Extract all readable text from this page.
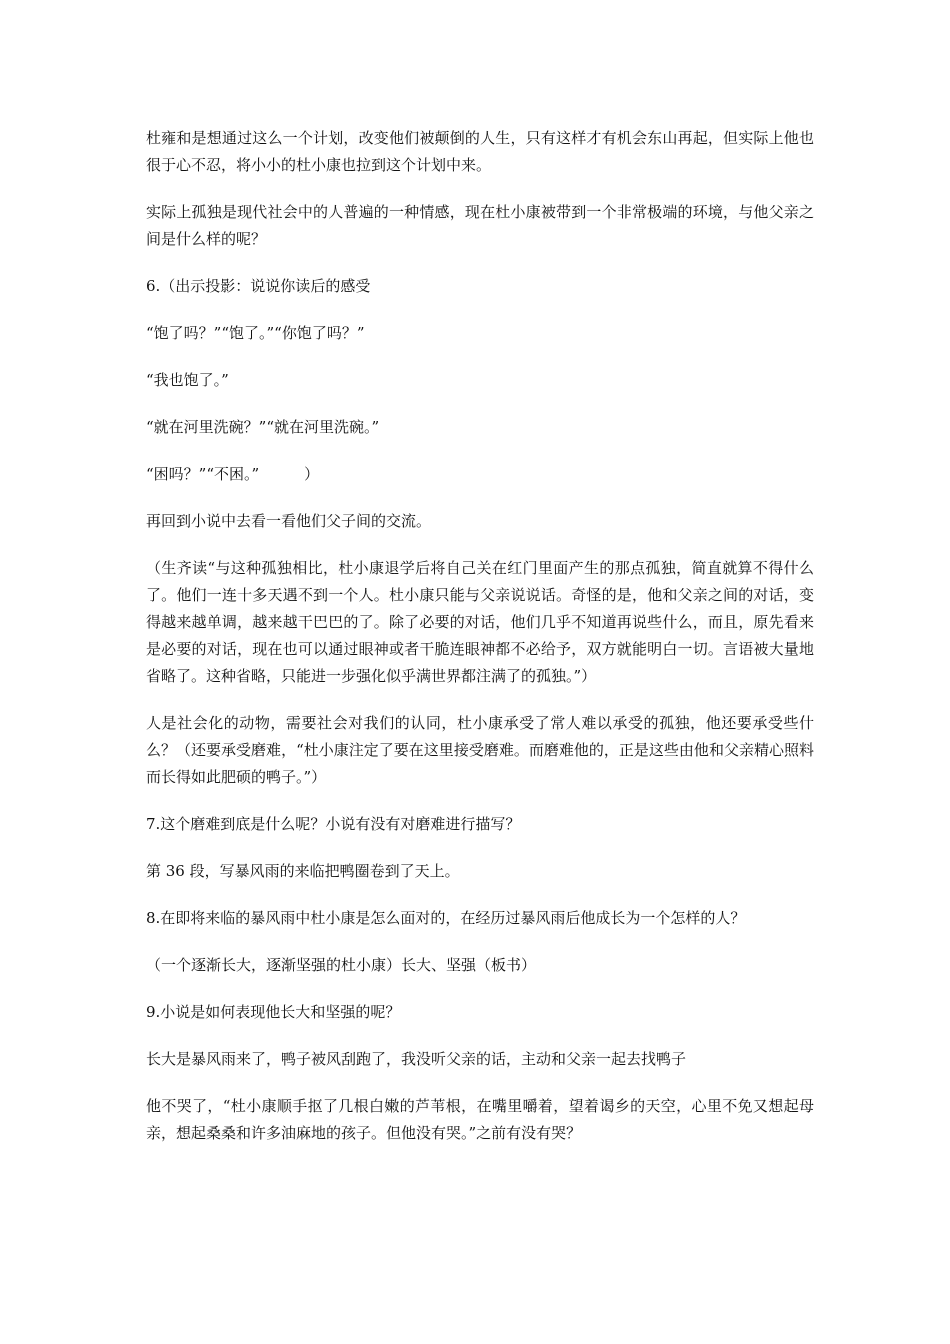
杜雍和是想通过这么一个计划，改变他们被颠倒的人生，只有这样才有机会东山再起，但实际上他也很于心不忍，将小小的杜小康也拉到这个计划中来。

实际上孤独是现代社会中的人普遍的一种情感，现在杜小康被带到一个非常极端的环境，与他父亲之间是什么样的呢？

6.（出示投影：说说你读后的感受

“饱了吗？”“饱了。”“你饱了吗？”

“我也饱了。”

“就在河里洗碗？”“就在河里洗碗。”

“困吗？”“不困。”　　　）

再回到小说中去看一看他们父子间的交流。

（生齐读“与这种孤独相比，杜小康退学后将自己关在红门里面产生的那点孤独，简直就算不得什么了。他们一连十多天遇不到一个人。杜小康只能与父亲说说话。奇怪的是，他和父亲之间的对话，变得越来越单调，越来越干巴巴的了。除了必要的对话，他们几乎不知道再说些什么，而且，原先看来是必要的对话，现在也可以通过眼神或者干脆连眼神都不必给予，双方就能明白一切。言语被大量地省略了。这种省略，只能进一步强化似乎满世界都注满了的孤独。”）

人是社会化的动物，需要社会对我们的认同，杜小康承受了常人难以承受的孤独，他还要承受些什么？（还要承受磨难，“杜小康注定了要在这里接受磨难。而磨难他的，正是这些由他和父亲精心照料而长得如此肥硕的鸭子。”）

7.这个磨难到底是什么呢？小说有没有对磨难进行描写？

第 36 段，写暴风雨的来临把鸭圈卷到了天上。

8.在即将来临的暴风雨中杜小康是怎么面对的，在经历过暴风雨后他成长为一个怎样的人？

（一个逐渐长大，逐渐坚强的杜小康）长大、坚强（板书）

9.小说是如何表现他长大和坚强的呢？

长大是暴风雨来了，鸭子被风刮跑了，我没听父亲的话，主动和父亲一起去找鸭子

他不哭了，“杜小康顺手抠了几根白嫩的芦苇根，在嘴里嚼着，望着谒乡的天空，心里不免又想起母亲，想起桑桑和许多油麻地的孩子。但他没有哭。”之前有没有哭？
